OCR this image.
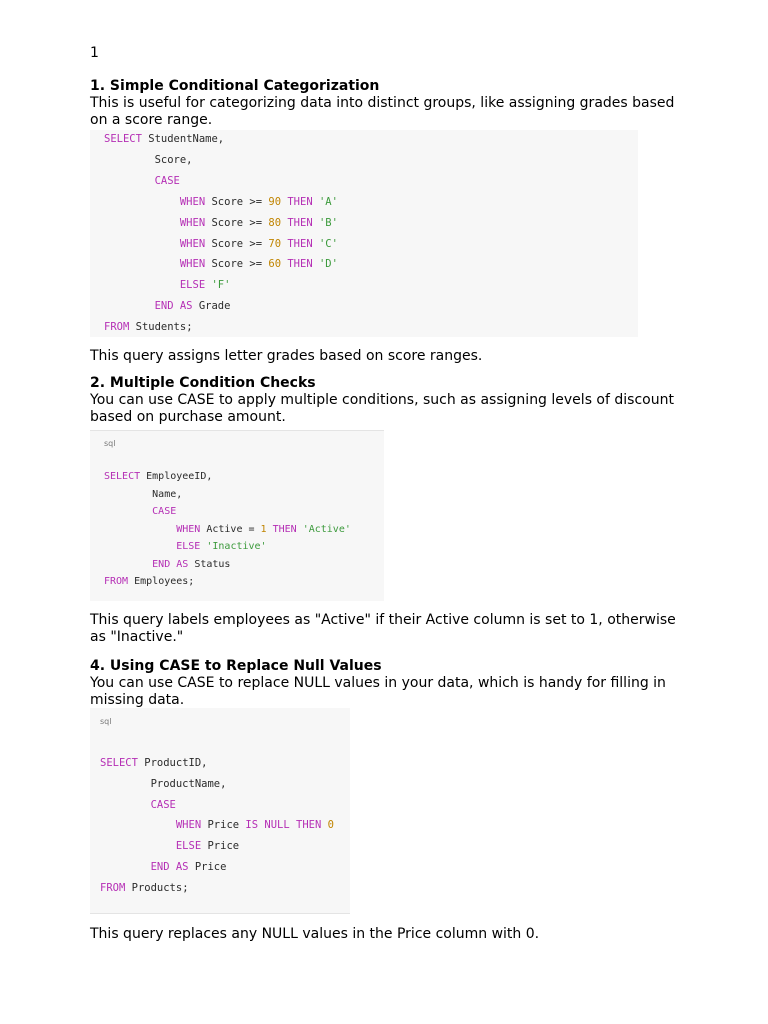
1

1. Simple Conditional Categorization

This is useful for categorizing data into distinct groups, like assigning grades based on a score range.

SELECT StudentName,
Score,
CASE
WHEN Score >= 90 THEN 'A'
WHEN Score >= 80 THEN 'B'
WHEN Score >= 70 THEN 'C'
WHEN Score >= 60 THEN 'D'
ELSE 'F'
END AS Grade
FROM Students;

This query assigns letter grades based on score ranges.

2. Multiple Condition Checks

You can use CASE to apply multiple conditions, such as assigning levels of discount based on purchase amount.

sql
SELECT EmployeeID,
Name,
CASE
WHEN Active = 1 THEN 'Active'
ELSE 'Inactive'
END AS Status
FROM Employees;

This query labels employees as "Active" if their Active column is set to 1, otherwise as "Inactive."

4. Using CASE to Replace Null Values

You can use CASE to replace NULL values in your data, which is handy for filling in missing data.

sql
SELECT ProductID,
ProductName,
CASE
WHEN Price IS NULL THEN 0
ELSE Price
END AS Price
FROM Products;

This query replaces any NULL values in the Price column with 0.
